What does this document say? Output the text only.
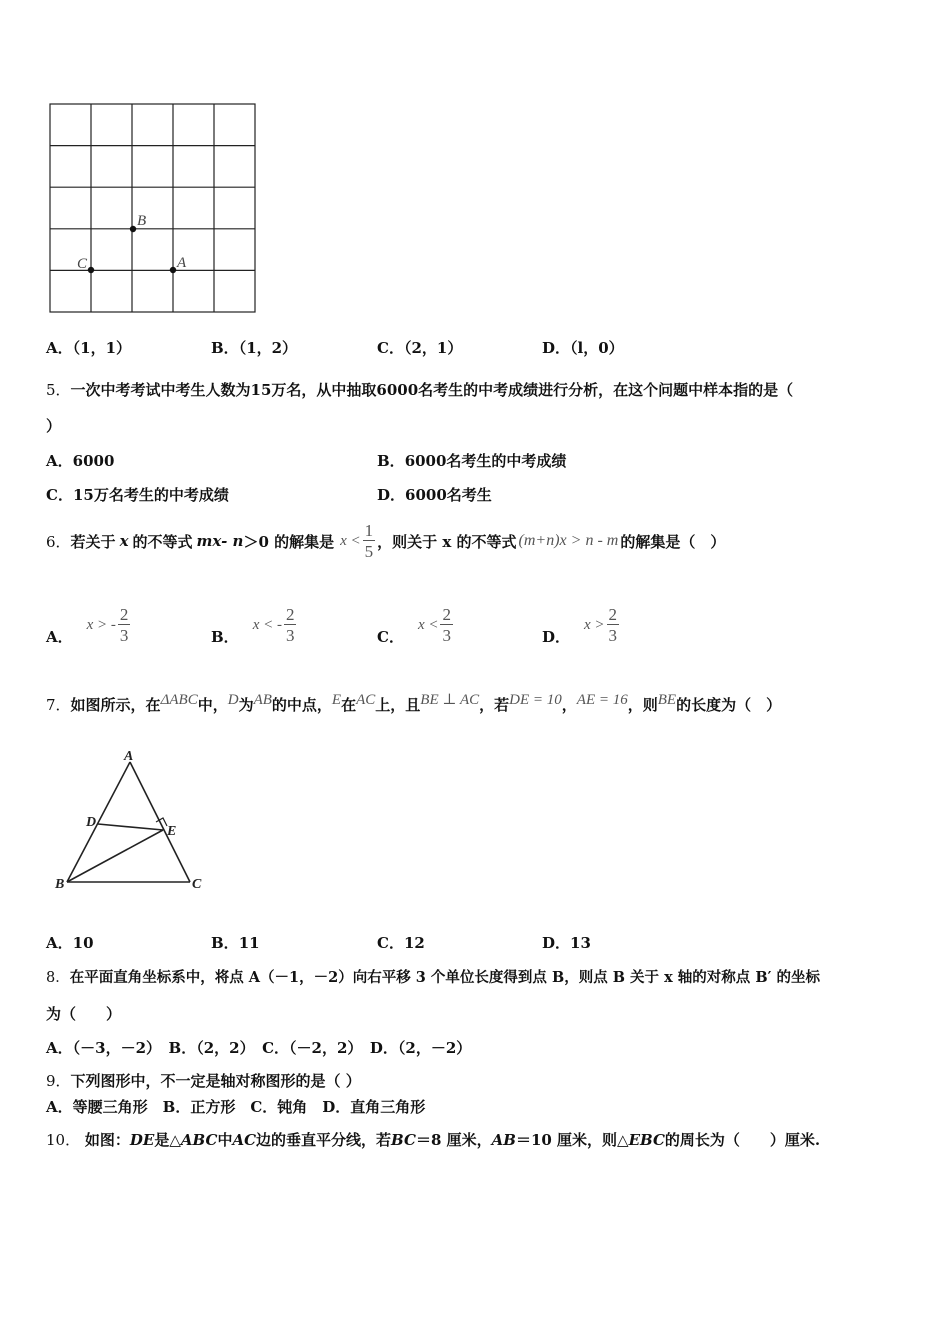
B
A
C
A．（1，1）	B．（1，2）	C．（2，1）	D．（l，0）
5．一次中考考试中考生人数为15万名，从中抽取6000名考生的中考成绩进行分析，在这个问题中样本指的是（
）
A．6000	B．6000名考生的中考成绩
C．15万名考生的中考成绩	D．6000名考生
6． 若关于 x 的不等式 mx- n ＞0 的解集是 $x < \frac{1}{5}$ ，则关于 x 的不等式 (m+n)x > n - m 的解集是（　）
A．
x > - $\frac{2}{3}$	B．
x < - $\frac{2}{3}$	C．
$x < \frac{2}{3}$	D．
$x > \frac{2}{3}$
7． 如图所示，在 ΔABC 中， D 为 AB 的中点， E 在 AC 上，且 BE ⊥ AC ，若 DE = 10 ， AE = 16 ，则 BE 的长度为（　）
A
B	C
D
E
A．10	B．11	C．12	D．13
8．在平面直角坐标系中，将点 A（－1，－2）向右平移 3 个单位长度得到点 B，则点 B 关于 x 轴的对称点 B′ 的坐标
为（　　）
A．（－3，－2）　B．（2，2）　C．（－2，2）　D．（2，－2）
9．下列图形中，不一定是轴对称图形的是（ ）
A．等腰三角形　B．正方形　C．钝角　D．直角三角形
10． 如图：DE是△ABC中AC边的垂直平分线，若BC＝8 厘米，AB＝10 厘米，则△EBC的周长为（　　）厘米.
